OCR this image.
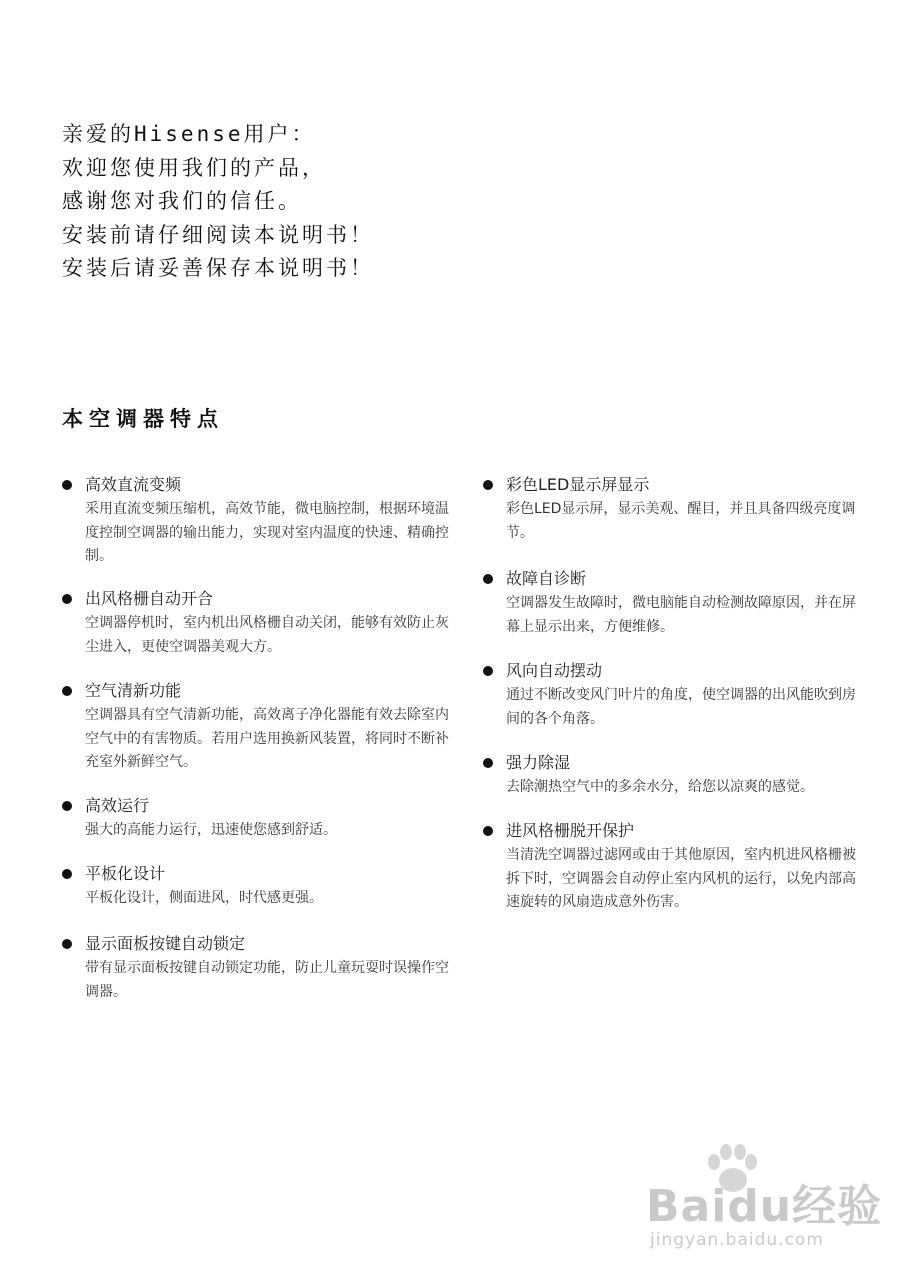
亲爱的Hisense用户：
欢迎您使用我们的产品，
感谢您对我们的信任。
安装前请仔细阅读本说明书！
安装后请妥善保存本说明书！
本空调器特点
高效直流变频
采用直流变频压缩机，高效节能，微电脑控制，根据环境温度控制空调器的输出能力，实现对室内温度的快速、精确控制。
出风格栅自动开合
空调器停机时，室内机出风格栅自动关闭，能够有效防止灰尘进入，更使空调器美观大方。
空气清新功能
空调器具有空气清新功能，高效离子净化器能有效去除室内空气中的有害物质。若用户选用换新风装置，将同时不断补充室外新鲜空气。
高效运行
强大的高能力运行，迅速使您感到舒适。
平板化设计
平板化设计，侧面进风，时代感更强。
显示面板按键自动锁定
带有显示面板按键自动锁定功能，防止儿童玩耍时误操作空调器。
彩色LED显示屏显示
彩色LED显示屏，显示美观、醒目，并且具备四级亮度调节。
故障自诊断
空调器发生故障时，微电脑能自动检测故障原因，并在屏幕上显示出来，方便维修。
风向自动摆动
通过不断改变风门叶片的角度，使空调器的出风能吹到房间的各个角落。
强力除湿
去除潮热空气中的多余水分，给您以凉爽的感觉。
进风格栅脱开保护
当清洗空调器过滤网或由于其他原因，室内机进风格栅被拆下时，空调器会自动停止室内风机的运行，以免内部高速旋转的风扇造成意外伤害。
Baidu经验
jingyan.baidu.com
